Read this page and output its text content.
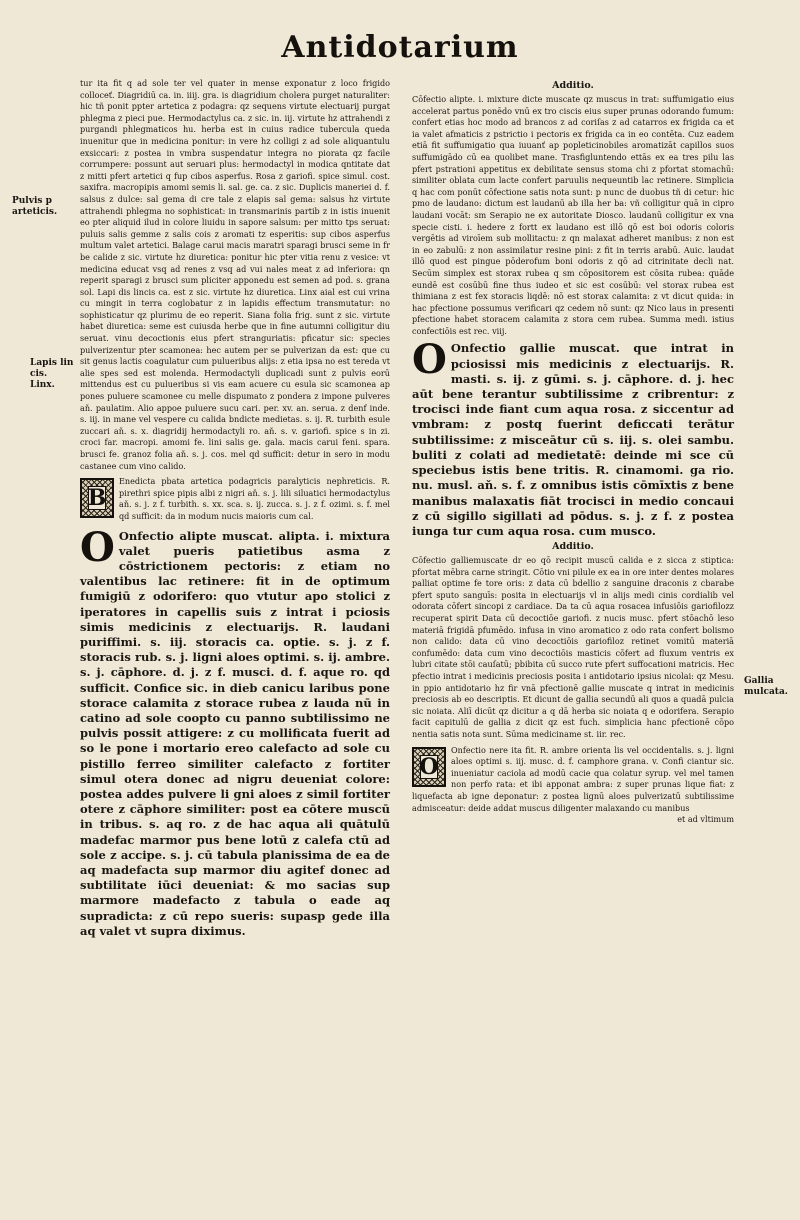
Antidotarium
Pulvis p
arteticis.
Lapis lin
cis.
Linx.
Gallia
mulcata.

tur ita fit q ad sole ter vel quater in mense exponatur z loco frigido colloceť. Diagridiū ca. in. iiij. gra. is diagridium cholera purget naturaliter: hic tñ ponit ppter artetica z podagra: qz sequens virtute electuarij purgat phlegma z pieci pue. Hermodactylus ca. z sic. in. iij. virtute hz attrahendi z purgandi phlegmaticos hu. herba est in cuius radice tubercula queda inuenitur que in medicina ponitur: in vere hz colligi z ad sole aliquantulu exsiccari: z postea in vmbra suspendatur integra no piorata qz facile corrumpere: possunt aut seruari plus: hermodactyl in modica qntitate dat z mitti pfert artetici q fup cibos asperfus. Rosa z gariofi. spice simul. cost. saxifra. macropipis amomi semis li. sal. ge. ca. z sic. Duplicis maneriei d. f. salsus z dulce: sal gema di cre tale z elapis sal gema: salsus hz virtute attrahendi phlegma no sophisticat: in transmarinis partib z in istis inuenit eo pter aliquid ilud in colore liuidu in sapore salsum: per mitto tps seruat: puluis salis gemme z salis cois z aromati tz esperitis: sup cibos asperfus multum valet artetici. Balage carui macis maratri sparagi brusci seme in fr be calide z sic. virtute hz diuretica: ponitur hic pter vitia renu z vesice: vt medicina educat vsq ad renes z vsq ad vui nales meat z ad inferiora: qn reperit sparagi z brusci sum pliciter apponedu est semen ad pod. s. grana sol. Lapi dis lincis ca. est z sic. virtute hz diuretica. Linx aial est cui vrina cu mingit in terra coglobatur z in lapidis effectum transmutatur: no sophisticatur qz plurimu de eo reperit. Siana folia frig. sunt z sic. virtute habet diuretica: seme est cuiusda herbe que in fine autumni colligitur diu seruat. vinu decoctionis eius pfert stranguriatis: pficatur sic: species pulverizentur pter scamonea: hec autem per se pulverizan da est: que cu sit genus lactis coagulatur cum pulueribus alijs: z etia ipsa no est tereda vt alie spes sed est molenda. Hermodactyli duplicadi sunt z pulvis eorū mittendus est cu pulueribus si vis eam acuere cu esula sic scamonea ap pones puluere scamonee cu melle dispumato z pondera z impone pulveres aň. paulatim. Alio appoe puluere sucu cari. per. xv. an. serua. z denf inde. s. iij. in mane vel vespere cu calida bndicte medietas. s. ij. R. turbith esule zuccari aň. s. x. diagridij hermodactyli ro. aň. s. v. gariofi. spice s in zi. croci far. macropi. amomi fe. lini salis ge. gala. macis carui feni. spara. brusci fe. granoz folia aň. s. j. cos. mel qd sufficit: detur in sero in modu castanee cum vino calido.

B

Enedicta pbata artetica podagricis paralyticis nephreticis. R. pirethri spice pipis albi z nigri aň. s. j. lili siluatici hermodactylus aň. s. j. z f. turbith. s. xx. sca. s. ij. zucca. s. j. z f. ozimi. s. f. mel qd sufficit: da in modum nucis maioris cum cal.

O Onfectio alipte muscat. alipta. i. mixtura valet pueris patietibus asma z cōstrictionem pectoris: z etiam no valentibus lac retinere: fit in de optimum fumigiū z odorifero: quo vtutur apo stolici z iperatores in capellis suis z intrat i pciosis simis medicinis z electuarijs. R. laudani puriffimi. s. iij. storacis ca. optie. s. j. z f. storacis rub. s. j. ligni aloes optimi. s. ij. ambre. s. j. cāphore. d. j. z f. musci. d. f. aque ro. qd sufficit. Confice sic. in dieb canicu laribus pone storace calamita z storace rubea z lauda nū in catino ad sole coopto cu panno subtilissimo ne pulvis possit attigere: z cu mollificata fuerit ad so le pone i mortario ereo calefacto ad sole cu pistillo ferreo similiter calefacto z fortiter simul otera donec ad nigru deueniat colore: postea addes pulvere li gni aloes z simil fortiter otere z cāphore similiter: post ea cōtere muscū in tribus. s. aq ro. z de hac aqua ali quātulū madefac marmor pus bene lotū z calefa ctū ad sole z accipe. s. j. cū tabula planissima de ea de aq madefacta sup marmor diu agitef donec ad subtilitate iūci deueniat: & mo sacias sup marmore madefacto z tabula o eade aq supradicta: z cū repo sueris: supasp gede illa aq valet vt supra diximus.

Additio.

Cōfectio alipte. i. mixture dicte muscate qz muscus in trat: suffumigatio eius accelerat partus ponēdo vnū ex tro ciscis eius super prunas odorando fumum: confert etias hoc modo ad brancos z ad coriſas z ad catarros ex frigida ca et ia valet afmaticis z pstrictio i pectoris ex frigida ca in eo contēta. Cuz eadem etiā fit suffumigatio qua iuuanť ap popleticinobiles aromatizāt capillos suos suffumigādo cū ea quolibet mane. Trasfigluntendo ettās ex ea tres pilu las pfert pstrationi appetitus ex debilitate sensus stoma chi z pfortat stomachū: similiter oblata cum lacte confert paruulis nequeuntib lac retinere. Simplicia q hac com ponūt cōfectione satis nota sunt: p nunc de duobus tñ di cetur: hic pmo de laudano: dictum est laudanū ab illa her ba: vñ colligitur quā in cipro laudani vocāt: sm Serapio ne ex autoritate Diosco. laudanū colligitur ex vna specie cisti. i. hedere z fortt ex laudano est illō qō est boi odoris coloris vergētis ad viroīem sub mollitactu: z qn malaxat adheret manibus: z non est in eo zabulū: z non assimilatur resine pini: z fit in terris arabū. Auic. laudat illō quod est pingue pōderofum boni odoris z qō ad citrinitate decli nat. Secūm simplex est storax rubea q sm cōpositorem est cōsita rubea: quāde eundē est cosūbū fine thus iudeo et sic est cosūbū: vel storax rubea est thimiana z est fex storacis liqdē: nō est storax calamita: z vt dicut quida: in hac pfectione possumus verificari qz cedem nō sunt: qz Nico laus in presenti pfectione habet storacem calamita z stora cem rubea. Summa medi. istius confectiōis est rec. viij.

O Onfectio gallie muscat. que intrat in pciosissi mis medicinis z electuarijs. R. masti. s. ij. z gūmi. s. j. cāphore. d. j. hec aūt bene terantur subtilissime z cribrentur: z trocisci inde fiant cum aqua rosa. z siccentur ad vmbram: z postq fuerint deficcati terātur subtilissime: z misceātur cū s. iij. s. olei sambu. buliti z colati ad medietatē: deinde mi sce cū speciebus istis bene tritis. R. cinamomi. ga rio. nu. musl. aň. s. f. z omnibus istis cōmīxtis z bene manibus malaxatis fiāt trocisci in medio concaui z cū sigillo sigillati ad pōdus. s. j. z f. z postea iunga tur cum aqua rosa. cum musco.

Additio.

Cōfectio galliemuscate dr eo qō recipit muscū calida e z sicca z stiptica: pfortat mēbra carne stringit. Cōtio vni pilule ex ea in ore inter dentes molares palliat optime fe tore oris: z data cū bdellio z sanguine draconis z cbarabe pfert sputo sanguīs: posita in electuarijs vl in alijs medi cinis cordialib vel odorata cōfert sincopi z cardiace. Da ta cū aqua rosacea infusiōis gariofilozz recuperat spirit Data cū decoctiōe gariofi. z nucis musc. pfert stōachō leso materiā frigidā pfumēdo. infusa in vino aromatico z odo rata confert bolismo non calido: data cū vino decoctiōis gariofiloz retinet vomitū materiā confumēdo: data cum vino decoctiōis masticis cōfert ad fluxum ventris ex lubri citate stōi cauſatū; pbibita cū succo rute pfert suffocationi matricis. Hec pfectio intrat i medicinis preciosis posita i antidotario ipsius nicolai: qz Mesu. in ppio antidotario hz fir vnā pfectionē gallie muscate q intrat in medicinis preciosis ab eo descriptis. Et dicunt de gallia secundū ali quos a quadā pulcia sic noiata. Aliī dicūt qz dicitur a q dā herba sic noiata q e odorifera. Serapio facit capitulū de gallia z dicit qz est fuch. simplicia hanc pfectionē cōpo nentia satis nota sunt. Sūma mediciname st. iir. rec.

O

Onfectio nere ita fit. R. ambre orienta lis vel occidentalis. s. j. ligni aloes optimi s. iij. musc. d. f. camphore grana. v. Confi ciantur sic. inueniatur caciola ad modū cacie qua colatur syrup. vel mel tamen non perfo rata: et ibi apponat ambra: z super prunas lique fiat: z liquefacta ab igne deponatur: z postea lignū aloes pulverizatū subtilissime admisceatur: deide addat muscus diligenter malaxando cu manibus

et ad vltimum
